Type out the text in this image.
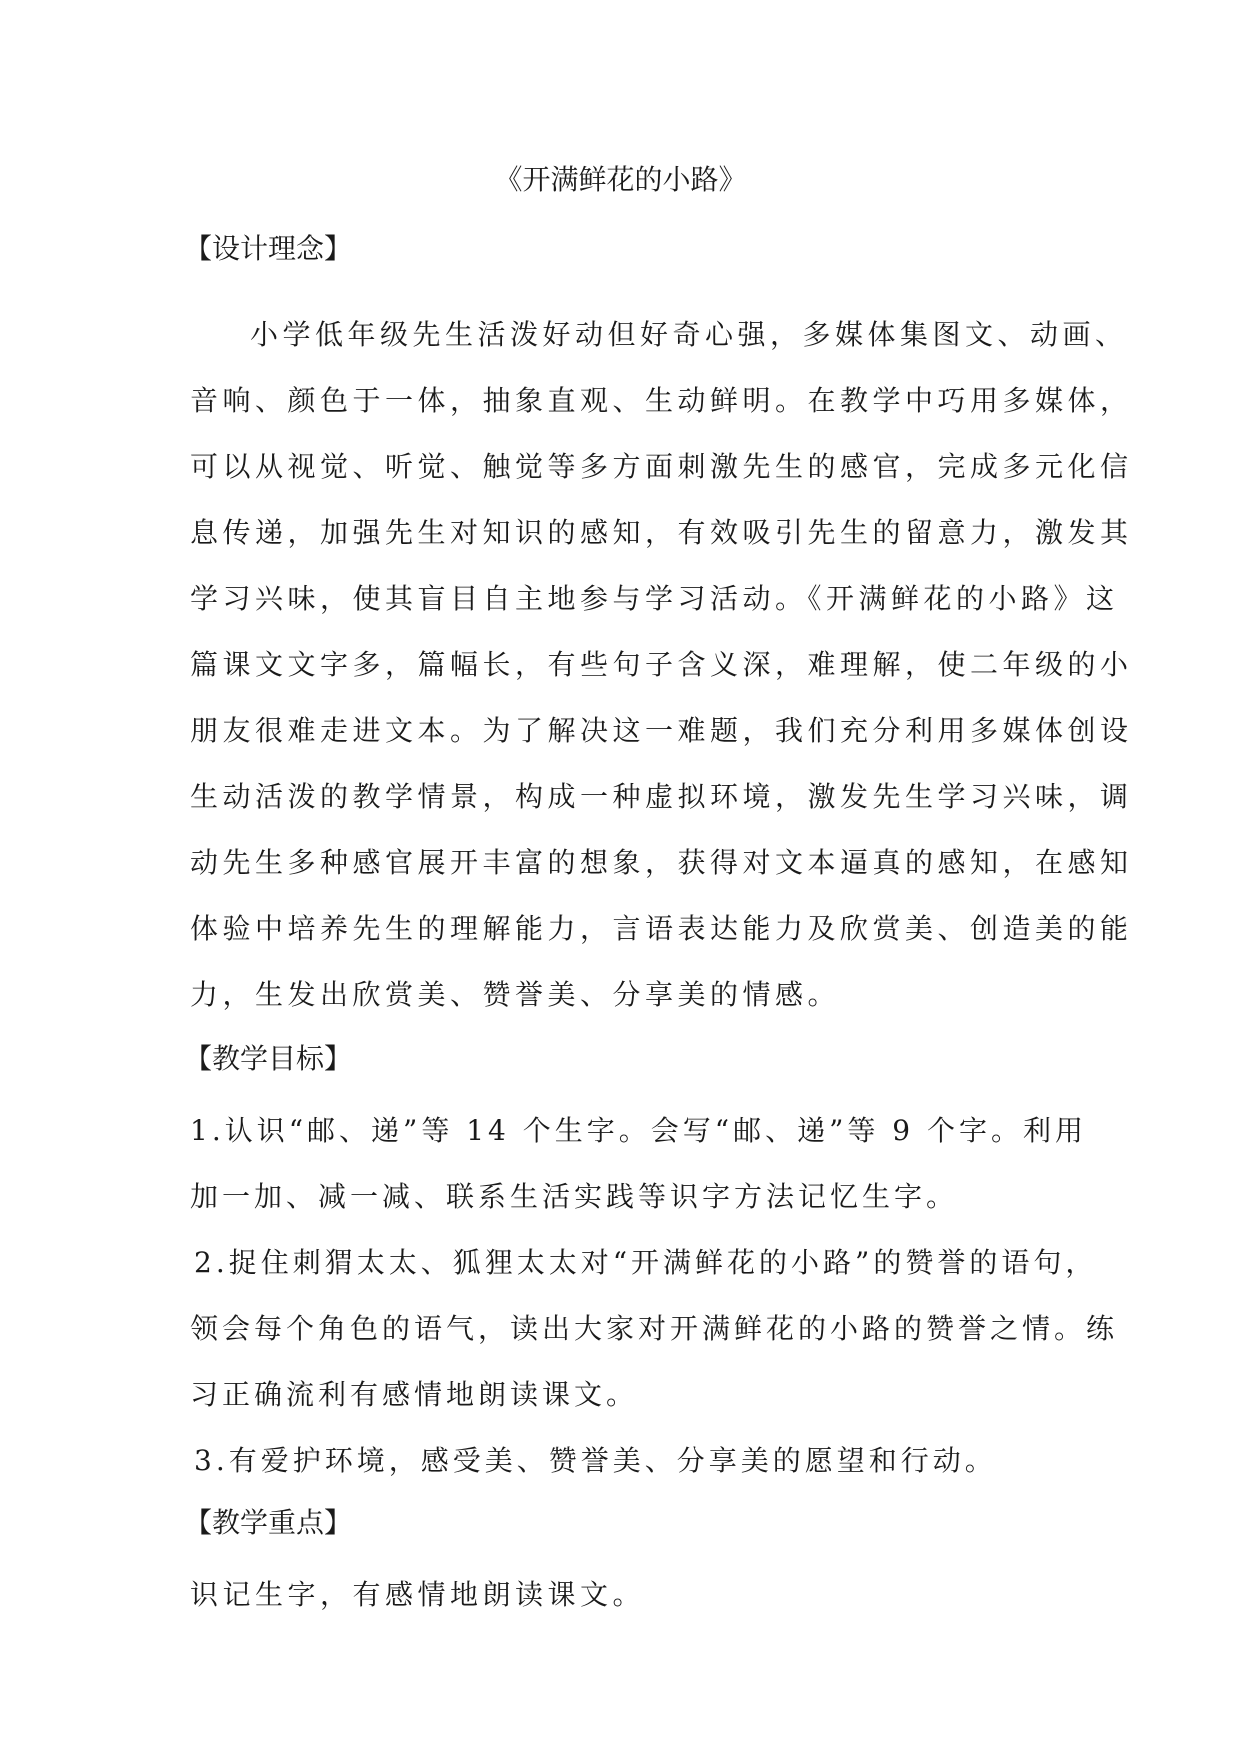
《开满鲜花的小路》
【设计理念】
小学低年级先生活泼好动但好奇心强，多媒体集图文、动画、
音响、颜色于一体，抽象直观、生动鲜明。在教学中巧用多媒体，
可以从视觉、听觉、触觉等多方面刺激先生的感官，完成多元化信
息传递，加强先生对知识的感知，有效吸引先生的留意力，激发其
学习兴味，使其盲目自主地参与学习活动。《开满鲜花的小路》这
篇课文文字多，篇幅长，有些句子含义深，难理解，使二年级的小
朋友很难走进文本。为了解决这一难题，我们充分利用多媒体创设
生动活泼的教学情景，构成一种虚拟环境，激发先生学习兴味，调
动先生多种感官展开丰富的想象，获得对文本逼真的感知，在感知
体验中培养先生的理解能力，言语表达能力及欣赏美、创造美的能
力，生发出欣赏美、赞誉美、分享美的情感。
【教学目标】
1.认识“邮、递”等 14 个生字。会写“邮、递”等 9 个字。利用
加一加、减一减、联系生活实践等识字方法记忆生字。
2.捉住刺猬太太、狐狸太太对“开满鲜花的小路”的赞誉的语句，
领会每个角色的语气，读出大家对开满鲜花的小路的赞誉之情。练
习正确流利有感情地朗读课文。
3.有爱护环境，感受美、赞誉美、分享美的愿望和行动。
【教学重点】
识记生字，有感情地朗读课文。
